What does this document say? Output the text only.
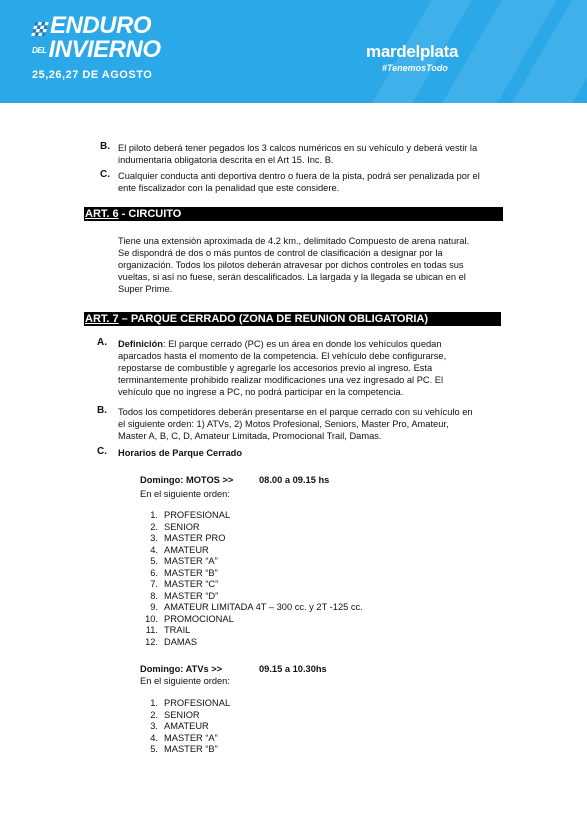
ENDURO
DELINVIERNO
25,26,27 DE AGOSTO
mardelplata
#TenemosTodo
B. El piloto deberá tener pegados los 3 calcos numéricos en su vehículo y deberá vestir la
indumentaria obligatoria descrita en el Art 15. Inc. B.
C. Cualquier conducta anti deportiva dentro o fuera de la pista, podrá ser penalizada por el
ente fiscalizador con la penalidad que este considere.
ART. 6 - CIRCUITO
Tiene una extensiòn aproximada de 4.2 km., delimitado Compuesto de arena natural.
Se dispondrá de dos o más puntos de control de clasificación a designar por la
organización. Todos los pilotos deberán atravesar por dichos controles en todas sus
vueltas, si así no fuese, serán descalificados. La largada y la llegada se ubican en el
Super Prime.
ART. 7 – PARQUE CERRADO (ZONA DE REUNION OBLIGATORIA)
A. Definición: El parque cerrado (PC) es un área en donde los vehículos quedan
aparcados hasta el momento de la competencia. El vehículo debe configurarse,
repostarse de combustible y agregarle los accesorios previo al ingreso. Esta
terminantemente prohibido realizar modificaciones una vez ingresado al PC. El
vehículo que no ingrese a PC, no podrá participar en la competencia.
B. Todos los competidores deberán presentarse en el parque cerrado con su vehículo en
el siguiente orden: 1) ATVs, 2) Motos Profesional, Seniors, Master Pro, Amateur,
Master A, B, C, D, Amateur Limitada, Promocional Trail, Damas.
C. Horarios de Parque Cerrado
Domingo: MOTOS >>	08.00 a 09.15 hs
En el siguiente orden:
1. PROFESIONAL
2. SENIOR
3. MASTER PRO
4. AMATEUR
5. MASTER “A”
6. MASTER “B”
7. MASTER “C”
8. MASTER “D”
9. AMATEUR LIMITADA 4T – 300 cc. y 2T -125 cc.
10. PROMOCIONAL
11. TRAIL
12. DAMAS
Domingo: ATVs >>	09.15 a 10.30hs
En el siguiente orden:
1. PROFESIONAL
2. SENIOR
3. AMATEUR
4. MASTER “A”
5. MASTER “B”
